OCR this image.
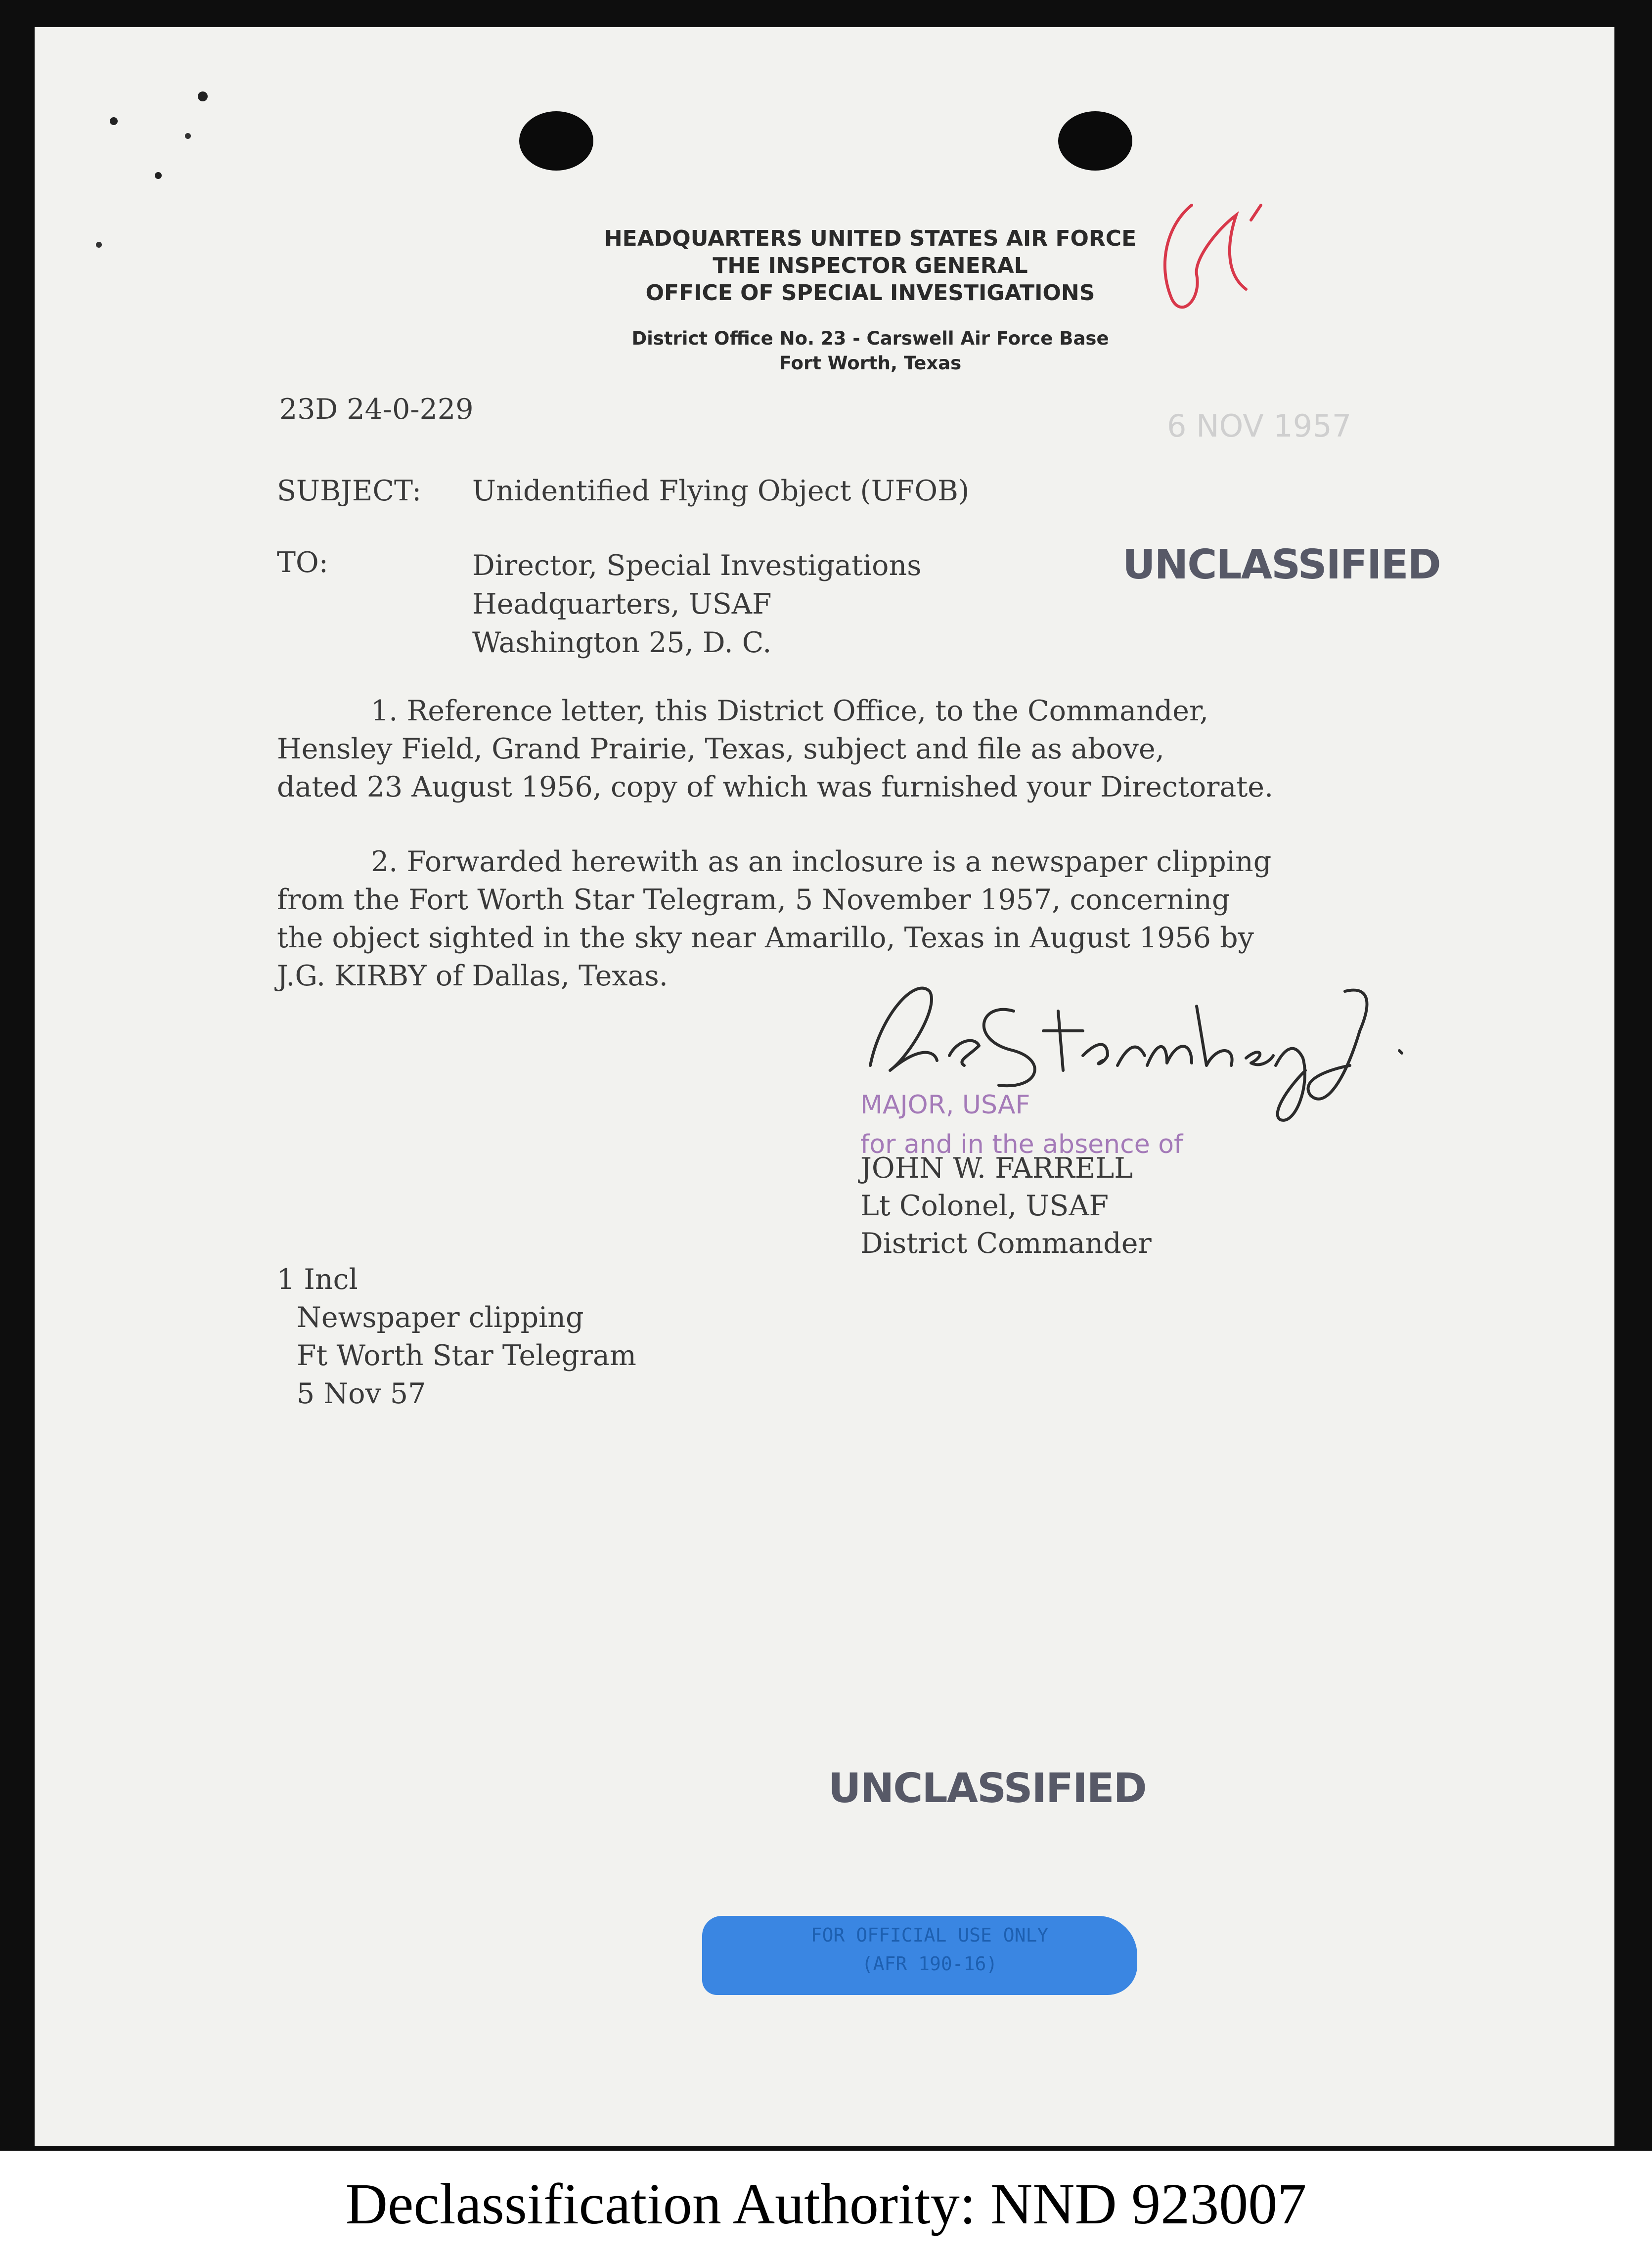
HEADQUARTERS UNITED STATES AIR FORCE
THE INSPECTOR GENERAL
OFFICE OF SPECIAL INVESTIGATIONS
District Office No. 23 - Carswell Air Force Base
Fort Worth, Texas
23D 24-0-229	6 NOV 1957
SUBJECT: Unidentified Flying Object (UFOB)
TO:	Director, Special Investigations
Headquarters, USAF
Washington 25, D. C.
UNCLASSIFIED
1. Reference letter, this District Office, to the Commander,
Hensley Field, Grand Prairie, Texas, subject and file as above,
dated 23 August 1956, copy of which was furnished your Directorate.
2. Forwarded herewith as an inclosure is a newspaper clipping
from the Fort Worth Star Telegram, 5 November 1957, concerning
the object sighted in the sky near Amarillo, Texas in August 1956 by
J.G. KIRBY of Dallas, Texas.
MAJOR, USAF
for and in the absence of
JOHN W. FARRELL
Lt Colonel, USAF
District Commander
1 Incl
Newspaper clipping
Ft Worth Star Telegram
5 Nov 57
UNCLASSIFIED
FOR OFFICIAL USE ONLY
(AFR 190-16)
Declassification Authority: NND 923007
